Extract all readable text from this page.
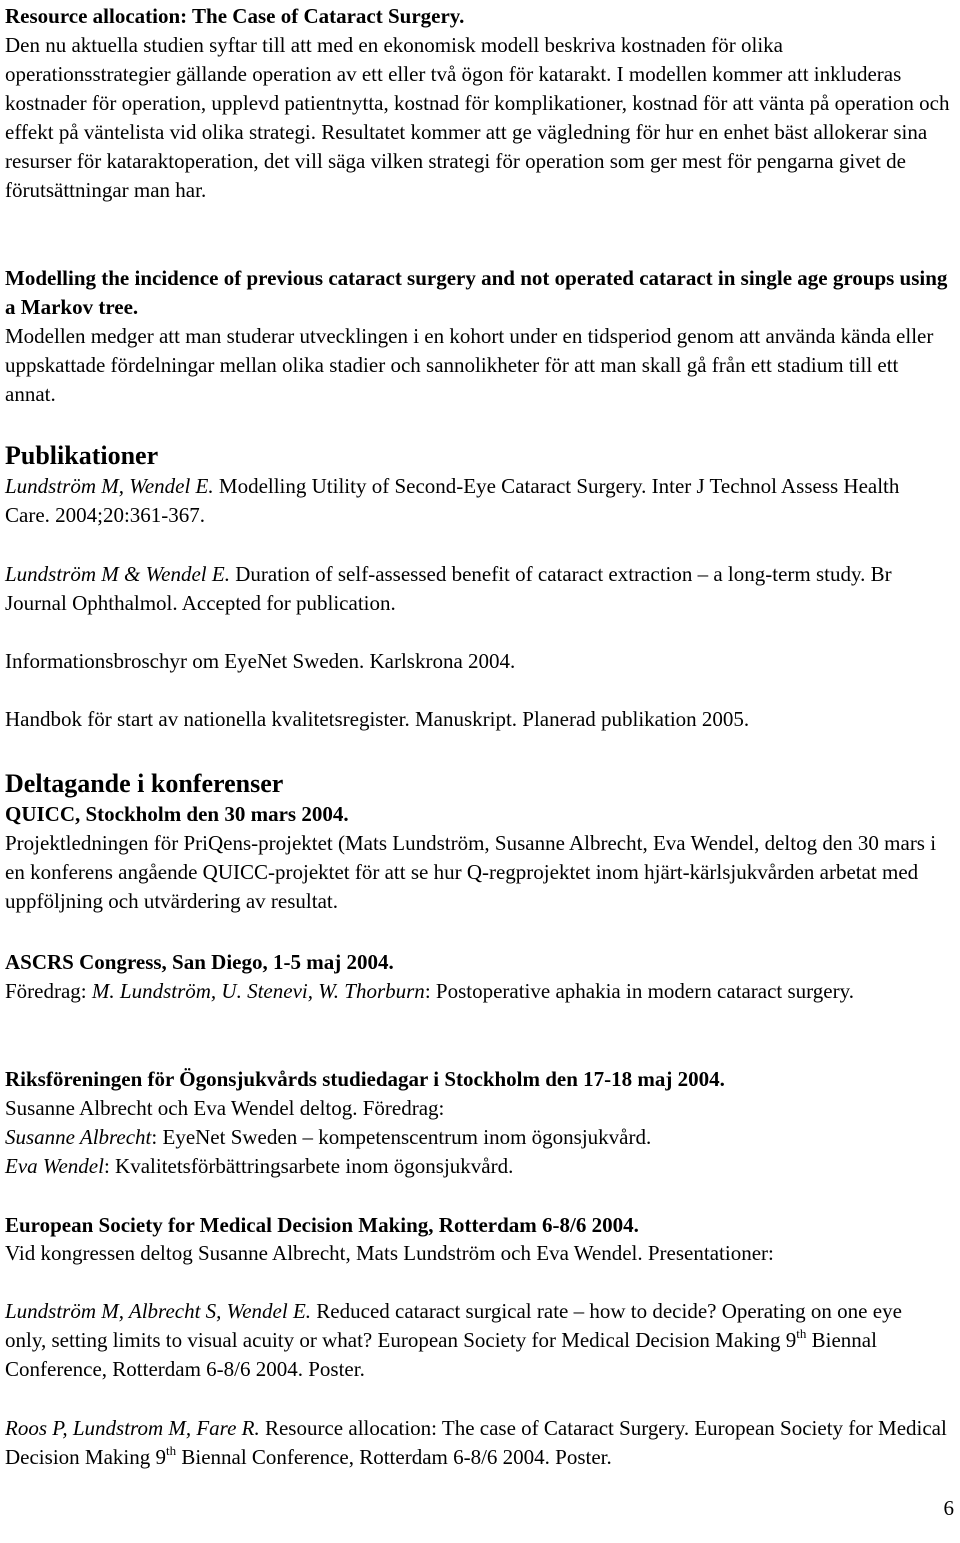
Resource allocation: The Case of Cataract Surgery.

Den nu aktuella studien syftar till att med en ekonomisk modell beskriva kostnaden för olika operationsstrategier gällande operation av ett eller två ögon för katarakt. I modellen kommer att inkluderas kostnader för operation, upplevd patientnytta, kostnad för komplikationer, kostnad för att vänta på operation och effekt på väntelista vid olika strategi. Resultatet kommer att ge vägledning för hur en enhet bäst allokerar sina resurser för kataraktoperation, det vill säga vilken strategi för operation som ger mest för pengarna givet de förutsättningar man har.

Modelling the incidence of previous cataract surgery and not operated cataract in single age groups using a Markov tree.

Modellen medger att man studerar utvecklingen i en kohort under en tidsperiod genom att använda kända eller uppskattade fördelningar mellan olika stadier och sannolikheter för att man skall gå från ett stadium till ett annat.

Publikationer

Lundström M, Wendel E. Modelling Utility of Second-Eye Cataract Surgery. Inter J Technol Assess Health Care. 2004;20:361-367.

Lundström M & Wendel E. Duration of self-assessed benefit of cataract extraction – a long-term study. Br Journal Ophthalmol. Accepted for publication.

Informationsbroschyr om EyeNet Sweden. Karlskrona 2004.

Handbok för start av nationella kvalitetsregister. Manuskript. Planerad publikation 2005.

Deltagande i konferenser

QUICC, Stockholm den 30 mars 2004.

Projektledningen för PriQens-projektet (Mats Lundström, Susanne Albrecht, Eva Wendel, deltog den 30 mars i en konferens angående QUICC-projektet för att se hur Q-regprojektet inom hjärt-kärlsjukvården arbetat med uppföljning och utvärdering av resultat.

ASCRS Congress, San Diego, 1-5 maj 2004.

Föredrag: M. Lundström, U. Stenevi, W. Thorburn: Postoperative aphakia in modern cataract surgery.

Riksföreningen för Ögonsjukvårds studiedagar i Stockholm den 17-18 maj 2004.

Susanne Albrecht och Eva Wendel deltog. Föredrag:

Susanne Albrecht: EyeNet Sweden – kompetenscentrum inom ögonsjukvård.

Eva Wendel: Kvalitetsförbättringsarbete inom ögonsjukvård.

European Society for Medical Decision Making, Rotterdam 6-8/6 2004.

Vid kongressen deltog Susanne Albrecht, Mats Lundström och Eva Wendel. Presentationer:

Lundström M, Albrecht S, Wendel E. Reduced cataract surgical rate – how to decide? Operating on one eye only, setting limits to visual acuity or what? European Society for Medical Decision Making 9th Biennal Conference, Rotterdam 6-8/6 2004. Poster.

Roos P, Lundstrom M, Fare R. Resource allocation: The case of Cataract Surgery. European Society for Medical Decision Making 9th Biennal Conference, Rotterdam 6-8/6 2004. Poster.

6
